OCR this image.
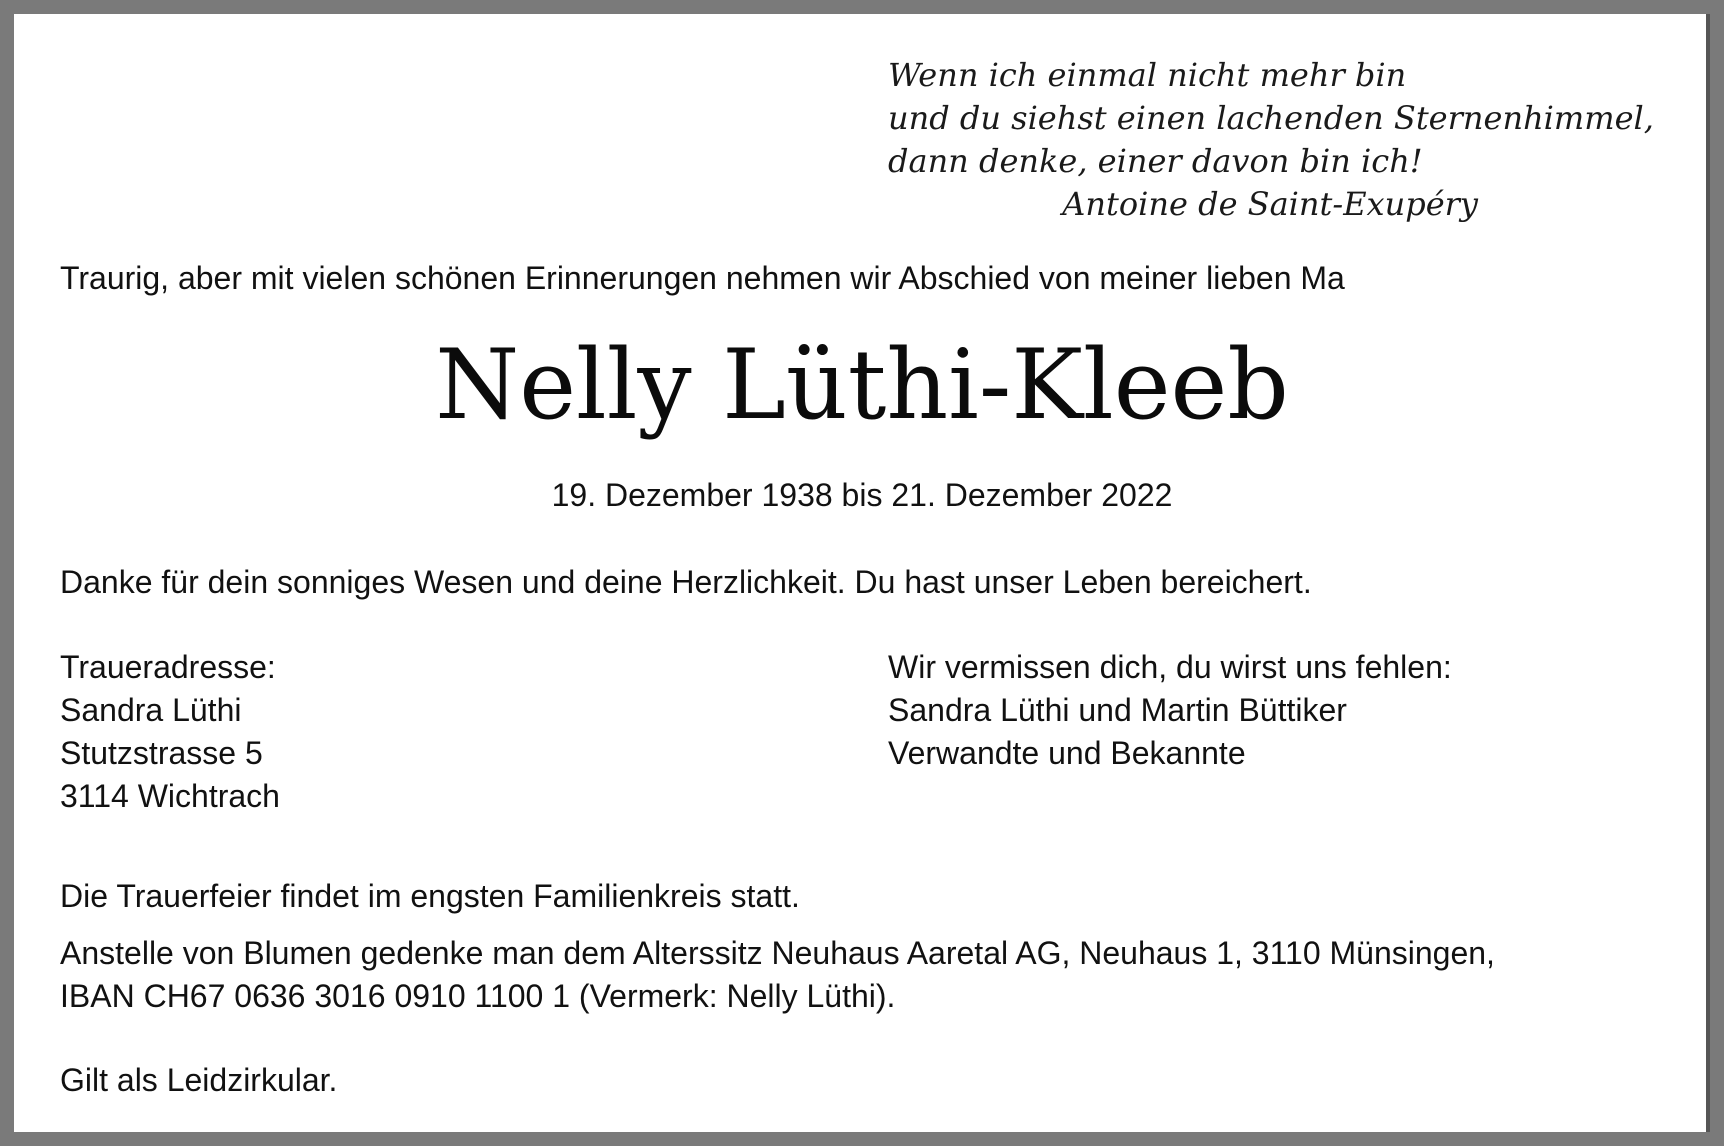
Wenn ich einmal nicht mehr bin
und du siehst einen lachenden Sternenhimmel,
dann denke, einer davon bin ich!
Antoine de Saint-Exupéry
Traurig, aber mit vielen schönen Erinnerungen nehmen wir Abschied von meiner lieben Ma
Nelly Lüthi-Kleeb
19. Dezember 1938 bis 21. Dezember 2022
Danke für dein sonniges Wesen und deine Herzlichkeit. Du hast unser Leben bereichert.
Traueradresse:
Sandra Lüthi
Stutzstrasse 5
3114 Wichtrach
Wir vermissen dich, du wirst uns fehlen:
Sandra Lüthi und Martin Büttiker
Verwandte und Bekannte
Die Trauerfeier findet im engsten Familienkreis statt.
Anstelle von Blumen gedenke man dem Alterssitz Neuhaus Aaretal AG, Neuhaus 1, 3110 Münsingen,
IBAN CH67 0636 3016 0910 1100 1 (Vermerk: Nelly Lüthi).
Gilt als Leidzirkular.
